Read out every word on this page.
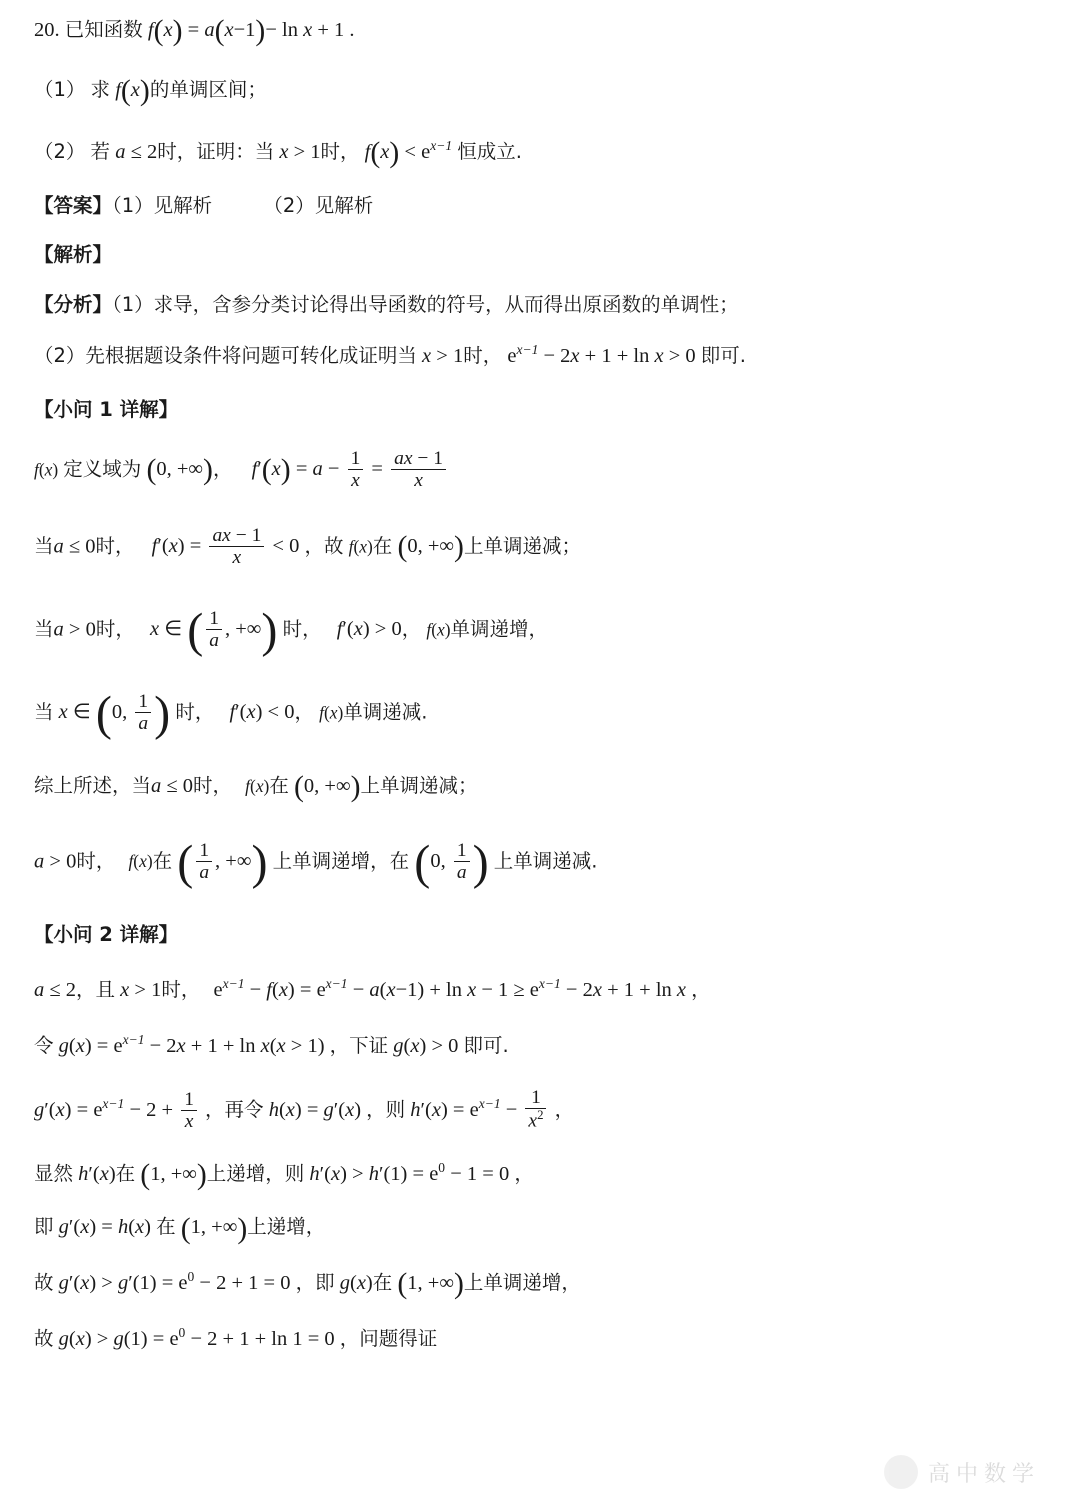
20. 已知函数 f(x) = a(x−1)− ln x + 1 .
（1） 求 f(x)的单调区间；
（2） 若 a ≤ 2时，证明：当 x > 1时， $f(x) < e^{x-1}$ 恒成立.
【答案】（1）见解析	（2）见解析
【解析】
【分析】（1）求导，含参分类讨论得出导函数的符号，从而得出原函数的单调性；
（2）先根据题设条件将问题可转化成证明当 x > 1时， $e^{x-1} - 2x + 1 + \ln x > 0$ 即可.
【小问 1 详解】
f(x) 定义域为 (0, +∞)， $f'(x) = a - \frac{1}{x} = \frac{ax - 1}{x}$
当a ≤ 0时， $f'(x) = \frac{ax - 1}{x} < 0$ ，故 f(x)在 (0, +∞)上单调递减；
当a > 0时， x ∈ ( $\frac{1}{a}$ , +∞) 时， f′(x) > 0， f(x)单调递增，
当 x ∈ (0, $\frac{1}{a}$ ) 时， f′(x) < 0， f(x)单调递减.
综上所述，当a ≤ 0时， f(x)在 (0, +∞)上单调递减；
a > 0时， f(x)在 ( $\frac{1}{a}$ , +∞) 上单调递增，在 (0, $\frac{1}{a}$ ) 上单调递减.
【小问 2 详解】
a ≤ 2，且 x > 1时， $e^{x-1} - f(x) = e^{x-1} - a(x-1) + \ln x - 1 \ge e^{x-1} - 2x + 1 + \ln x$ ，
令 $g(x) = e^{x-1} - 2x + 1 + \ln x(x > 1)$ ，下证 g(x) > 0 即可.
$g'(x) = e^{x-1} - 2 + \frac{1}{x}$ ，再令 h(x) = g′(x) ，则 $h'(x) = e^{x-1} - \frac{1}{x^2}$ ，
显然 h′(x)在 (1, +∞)上递增，则 $h'(x) > h'(1) = e^0 - 1 = 0$ ，
即 g′(x) = h(x) 在 (1, +∞)上递增，
故 $g'(x) > g'(1) = e^0 - 2 + 1 = 0$ ，即 g(x)在 (1, +∞)上单调递增，
故 $g(x) > g(1) = e^0 - 2 + 1 + \ln 1 = 0$ ，问题得证
高中数学
